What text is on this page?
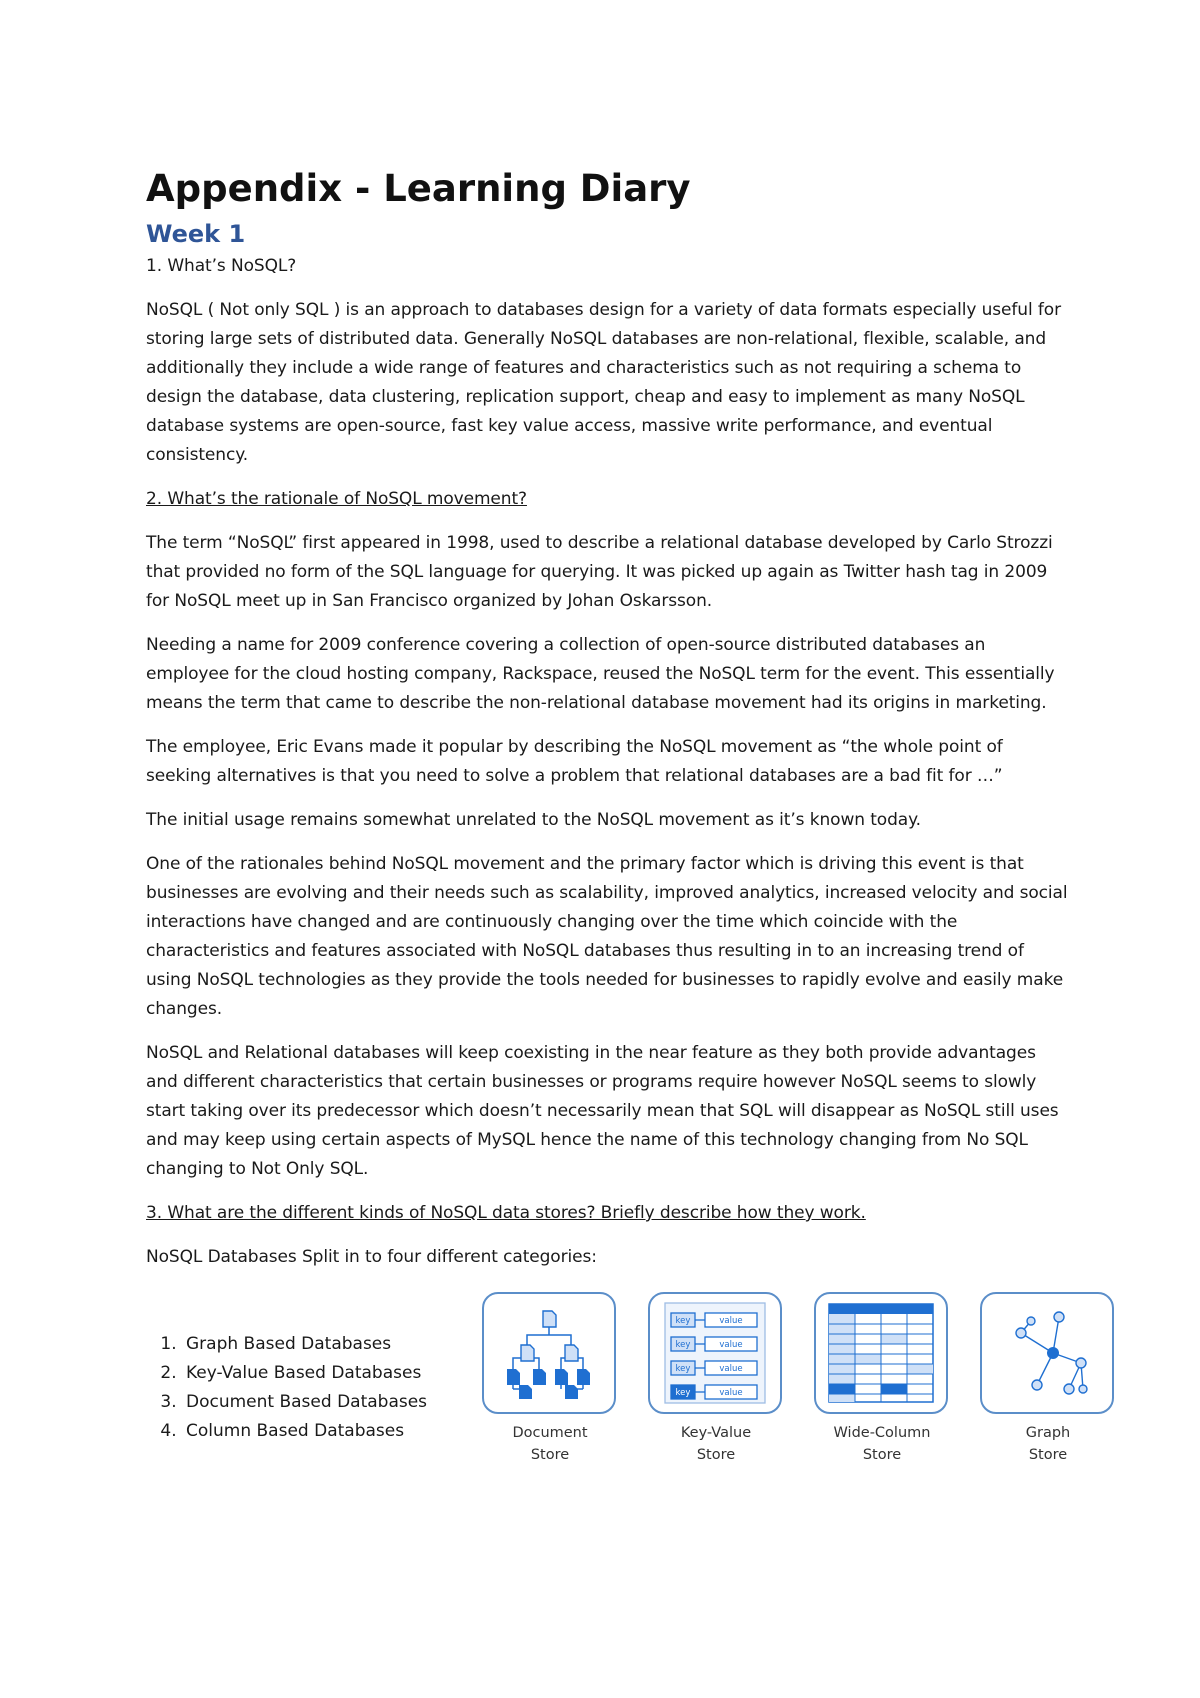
Appendix - Learning Diary
Week 1

1. What’s NoSQL?

NoSQL ( Not only SQL ) is an approach to databases design for a variety of data formats especially useful for storing large sets of distributed data. Generally NoSQL databases are non-relational, flexible, scalable, and additionally they include a wide range of features and characteristics such as not requiring a schema to design the database, data clustering, replication support, cheap and easy to implement as many NoSQL database systems are open-source, fast key value access, massive write performance, and eventual consistency.

2. What’s the rationale of NoSQL movement?

The term “NoSQL” first appeared in 1998, used to describe a relational database developed by Carlo Strozzi that provided no form of the SQL language for querying. It was picked up again as Twitter hash tag in 2009 for NoSQL meet up in San Francisco organized by Johan Oskarsson.

Needing a name for 2009 conference covering a collection of open-source distributed databases an employee for the cloud hosting company, Rackspace, reused the NoSQL term for the event. This essentially means the term that came to describe the non-relational database movement had its origins in marketing.

The employee, Eric Evans made it popular by describing the NoSQL movement as “the whole point of seeking alternatives is that you need to solve a problem that relational databases are a bad fit for …”

The initial usage remains somewhat unrelated to the NoSQL movement as it’s known today.

One of the rationales behind NoSQL movement and the primary factor which is driving this event is that businesses are evolving and their needs such as scalability, improved analytics, increased velocity and social interactions have changed and are continuously changing over the time which coincide with the characteristics and features associated with NoSQL databases thus resulting in to an increasing trend of using NoSQL technologies as they provide the tools needed for businesses to rapidly evolve and easily make changes.

NoSQL and Relational databases will keep coexisting in the near feature as they both provide advantages and different characteristics that certain businesses or programs require however NoSQL seems to slowly start taking over its predecessor which doesn’t necessarily mean that SQL will disappear as NoSQL still uses and may keep using certain aspects of MySQL hence the name of this technology changing from No SQL changing to Not Only SQL.

3. What are the different kinds of NoSQL data stores? Briefly describe how they work.

NoSQL Databases Split in to four different categories:

1. Graph Based Databases
2. Key-Value Based Databases
3. Document Based Databases
4. Column Based Databases	Document
Store
key	value
key	value
key	value
key	value
Key-Value
Store
Wide-Column
Store
Graph
Store
